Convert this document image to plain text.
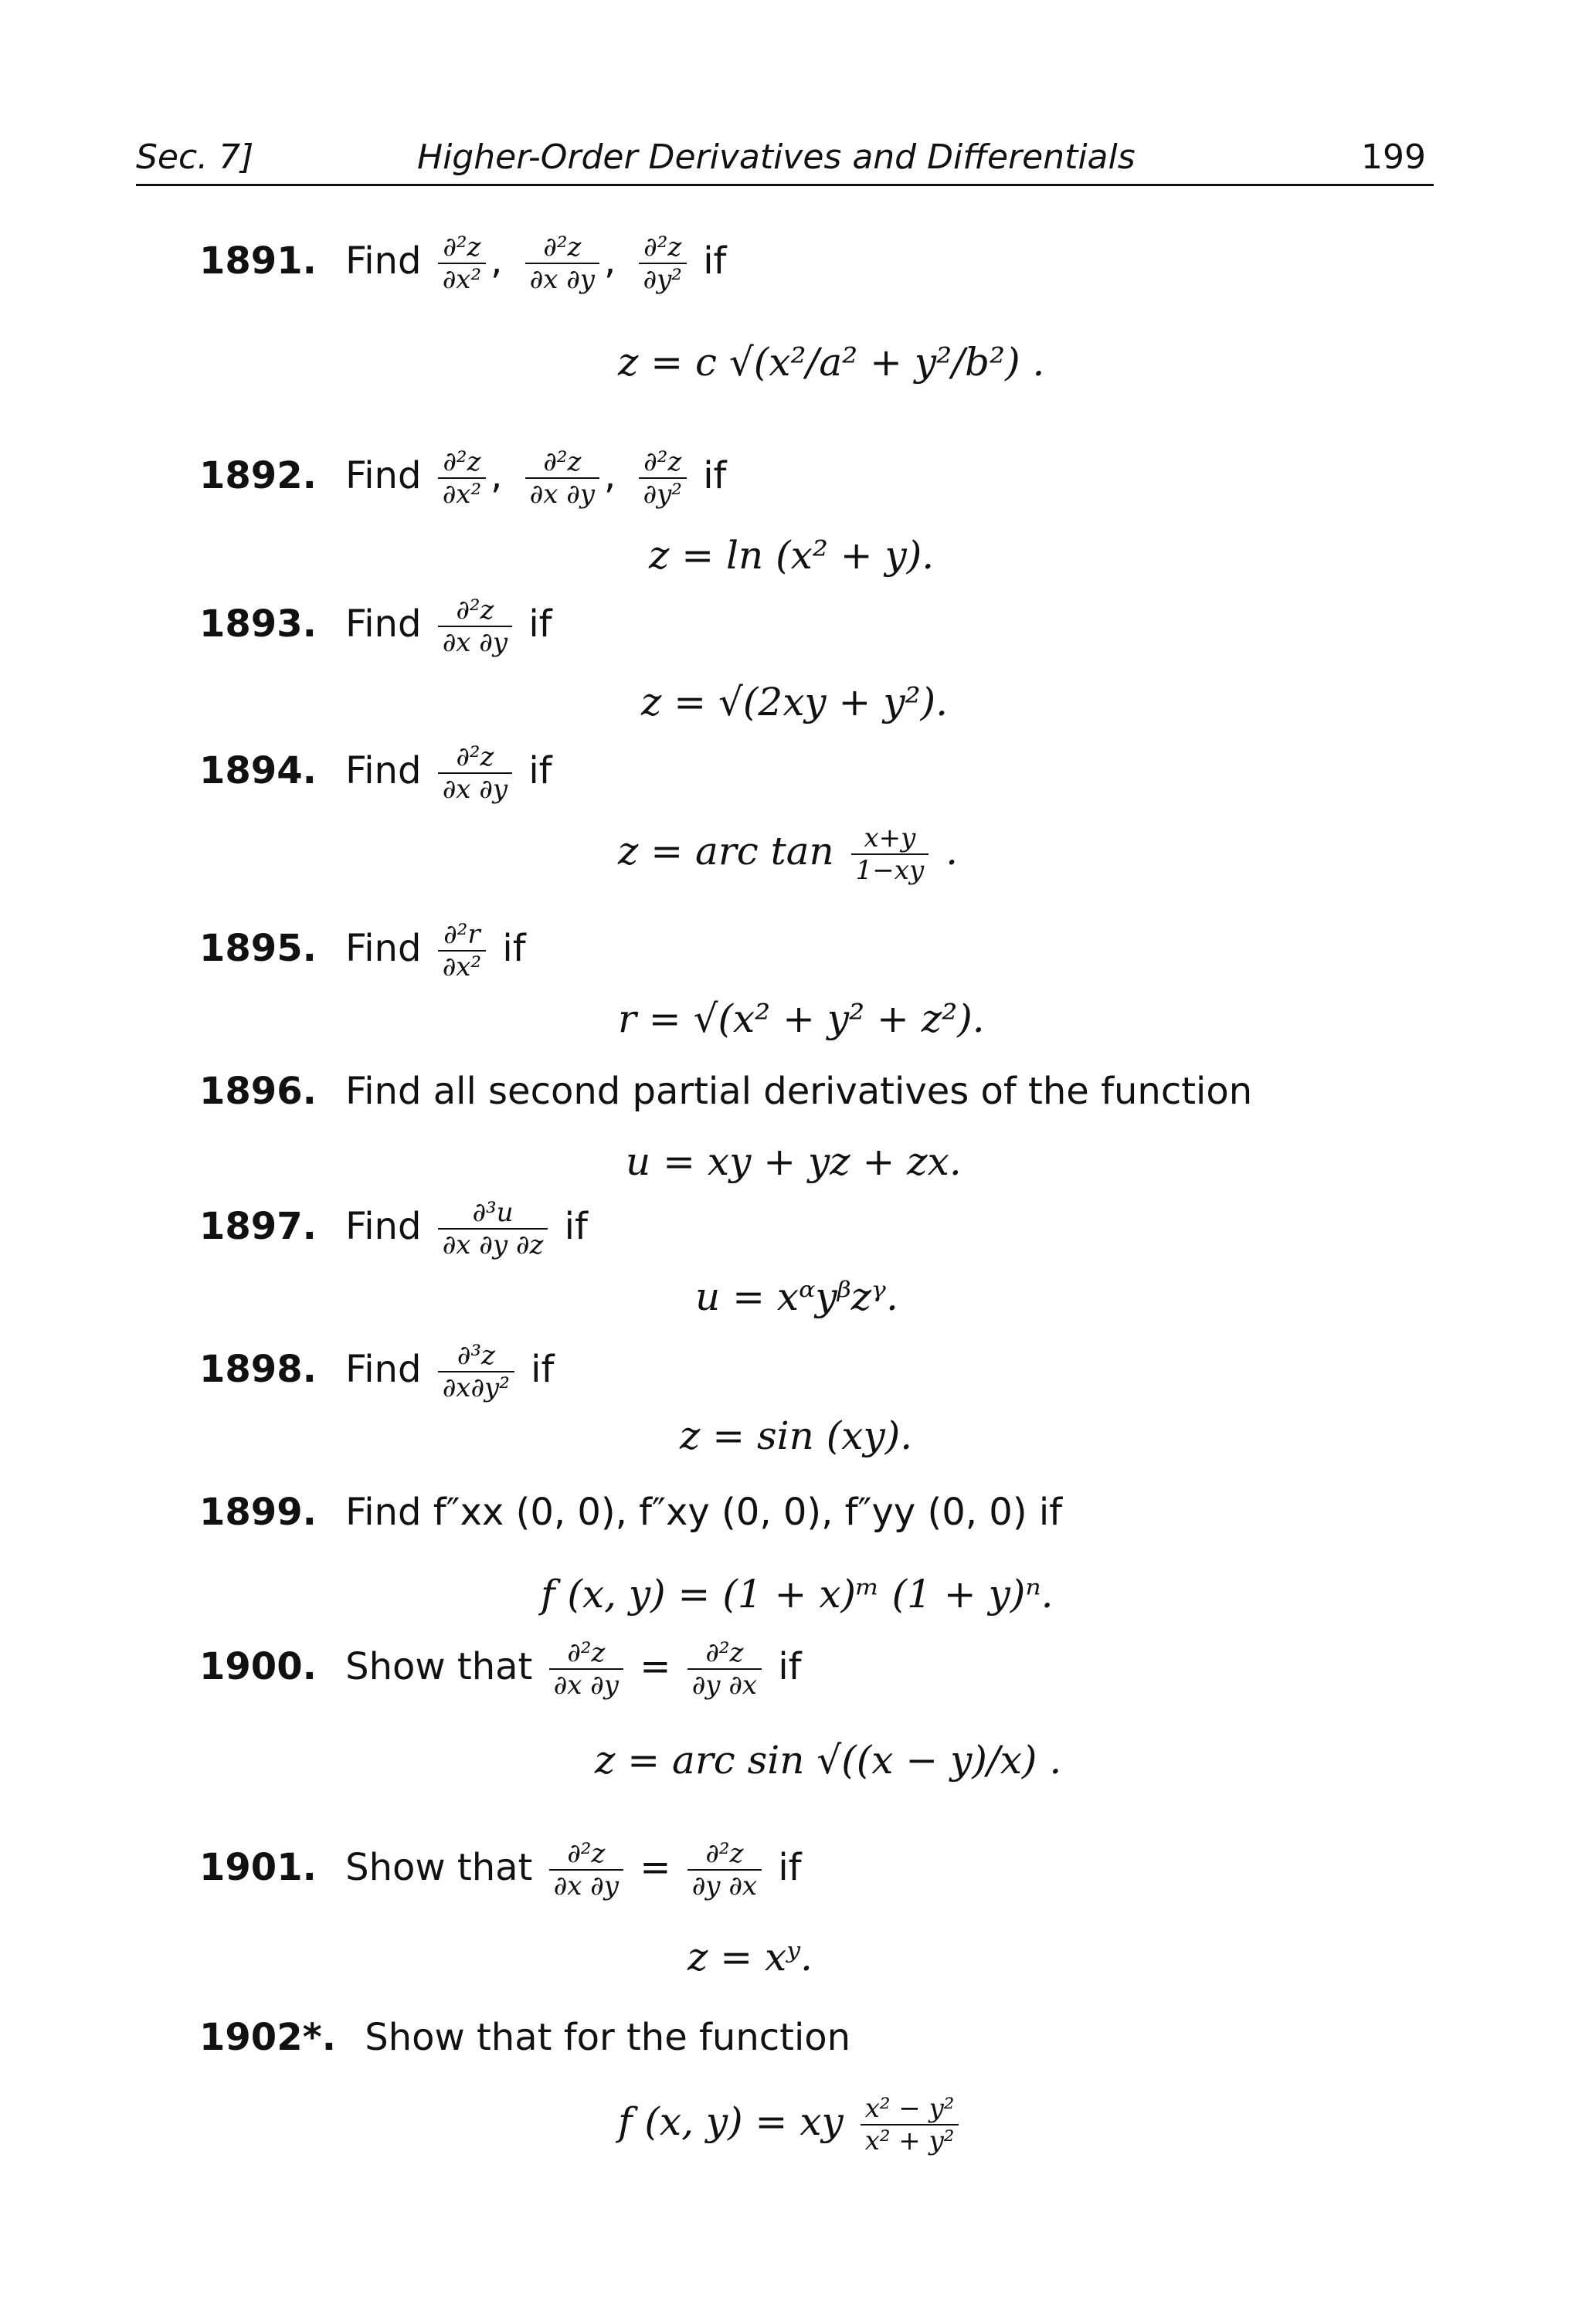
Sec. 7]	Higher-Order Derivatives and Differentials	199
1891. Find $\frac{\text{∂²z}}{\text{∂x²}}$ , $\frac{\text{∂²z}}{\partial x \partial y}$ , $\frac{\text{∂²z}}{\text{∂y²}}$ if
z = c √(x²/a² + y²/b²) .
1892. Find $\frac{\text{∂²z}}{\text{∂x²}}$ , $\frac{\text{∂²z}}{\partial x \partial y}$ , $\frac{\text{∂²z}}{\text{∂y²}}$ if
z = ln (x² + y).
1893. Find $\frac{\text{∂²z}}{\partial x \partial y}$ if
z = √(2xy + y²).
1894. Find $\frac{\text{∂²z}}{\partial x \partial y}$ if
z = arc $\tan \frac{x+y}{1-xy}$ .
1895. Find $\frac{\text{∂²r}}{\text{∂x²}}$ if
r = √(x² + y² + z²).
1896. Find all second partial derivatives of the function
u = xy + yz + zx.
1897. Find $\frac{\text{∂³u}}{\partial x \partial y \partial z}$ if
u = xᵅyᵝzᵞ.
1898. Find $\frac{\text{∂³z}}{\text{∂x∂y²}}$ if
z = sin (xy).
1899. Find f″xx (0, 0), f″xy (0, 0), f″yy (0, 0) if
f (x, y) = (1 + x)ᵐ (1 + y)ⁿ.
1900. Show that $\frac{\text{∂²z}}{\partial x \partial y} = \frac{\text{∂²z}}{\partial y \partial x}$ if
z = arc sin √((x − y)/x) .
1901. Show that $\frac{\text{∂²z}}{\partial x \partial y} = \frac{\text{∂²z}}{\partial y \partial x}$ if
z = xʸ.
1902*. Show that for the function
f (x, y) = xy $\frac{\text{x² − y²}}{\text{x² + y²}}$
